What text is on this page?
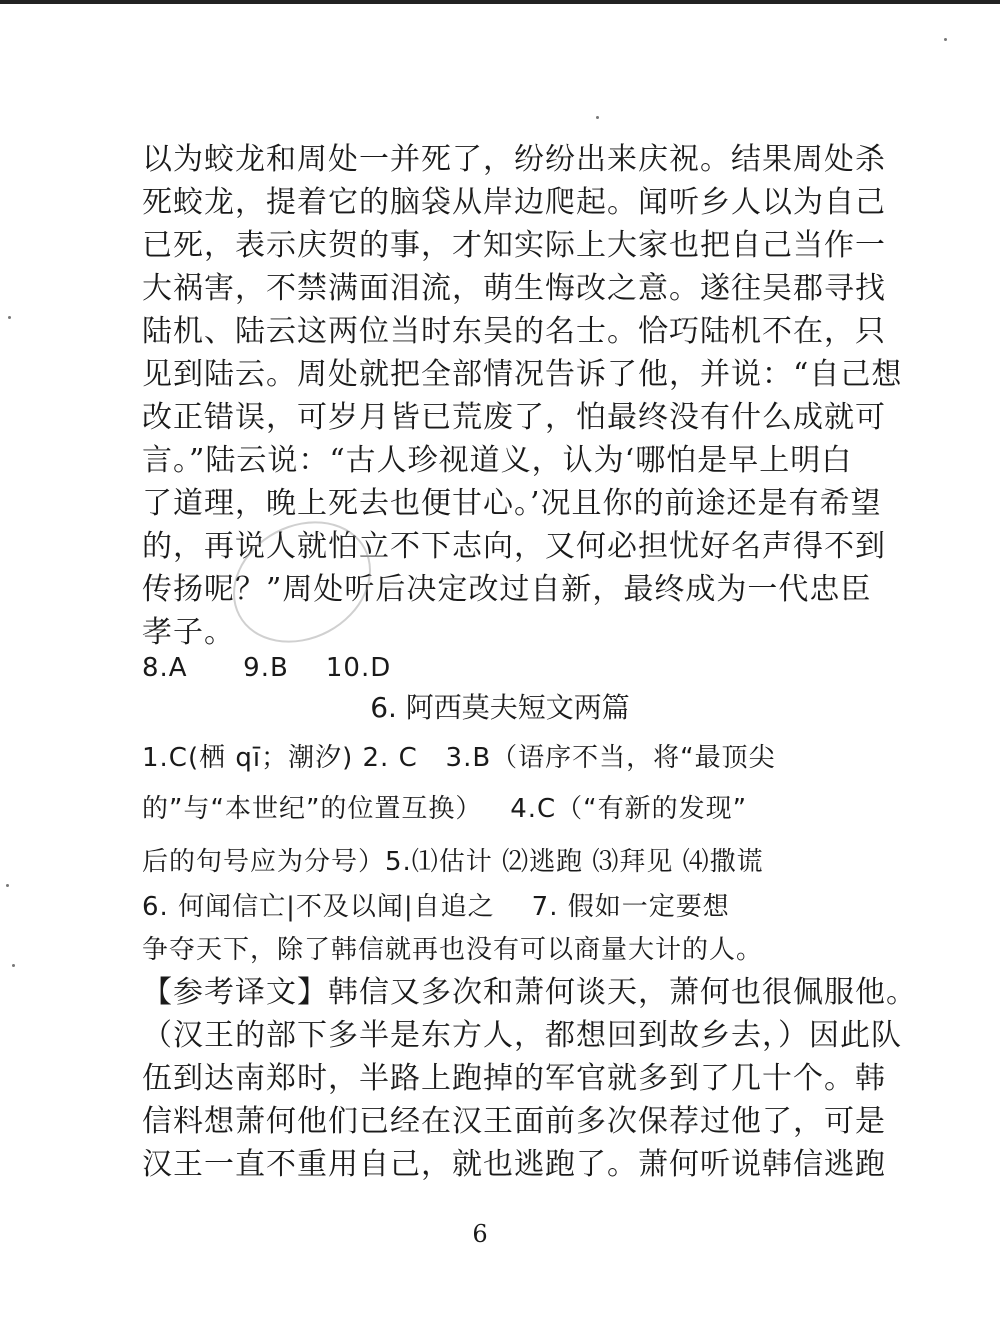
以为蛟龙和周处一并死了，纷纷出来庆祝。结果周处杀
死蛟龙，提着它的脑袋从岸边爬起。闻听乡人以为自己
已死，表示庆贺的事，才知实际上大家也把自己当作一
大祸害，不禁满面泪流，萌生悔改之意。遂往吴郡寻找
陆机、陆云这两位当时东吴的名士。恰巧陆机不在，只
见到陆云。周处就把全部情况告诉了他，并说：“自己想
改正错误，可岁月皆已荒废了，怕最终没有什么成就可
言。”陆云说：“古人珍视道义，认为‘哪怕是早上明白
了道理，晚上死去也便甘心。’况且你的前途还是有希望
的，再说人就怕立不下志向，又何必担忧好名声得不到
传扬呢？”周处听后决定改过自新，最终成为一代忠臣
孝子。
8.A      9.B    10.D
6. 阿西莫夫短文两篇
1.C(栖 qī；潮汐) 2. C   3.B（语序不当，将“最顶尖
的”与“本世纪”的位置互换）   4.C（“有新的发现”
后的句号应为分号）5.⑴估计 ⑵逃跑 ⑶拜见 ⑷撒谎
6. 何闻信亡|不及以闻|自追之    7. 假如一定要想
争夺天下，除了韩信就再也没有可以商量大计的人。
【参考译文】韩信又多次和萧何谈天，萧何也很佩服他。
（汉王的部下多半是东方人，都想回到故乡去，）因此队
伍到达南郑时，半路上跑掉的军官就多到了几十个。韩
信料想萧何他们已经在汉王面前多次保荐过他了，可是
汉王一直不重用自己，就也逃跑了。萧何听说韩信逃跑
6
